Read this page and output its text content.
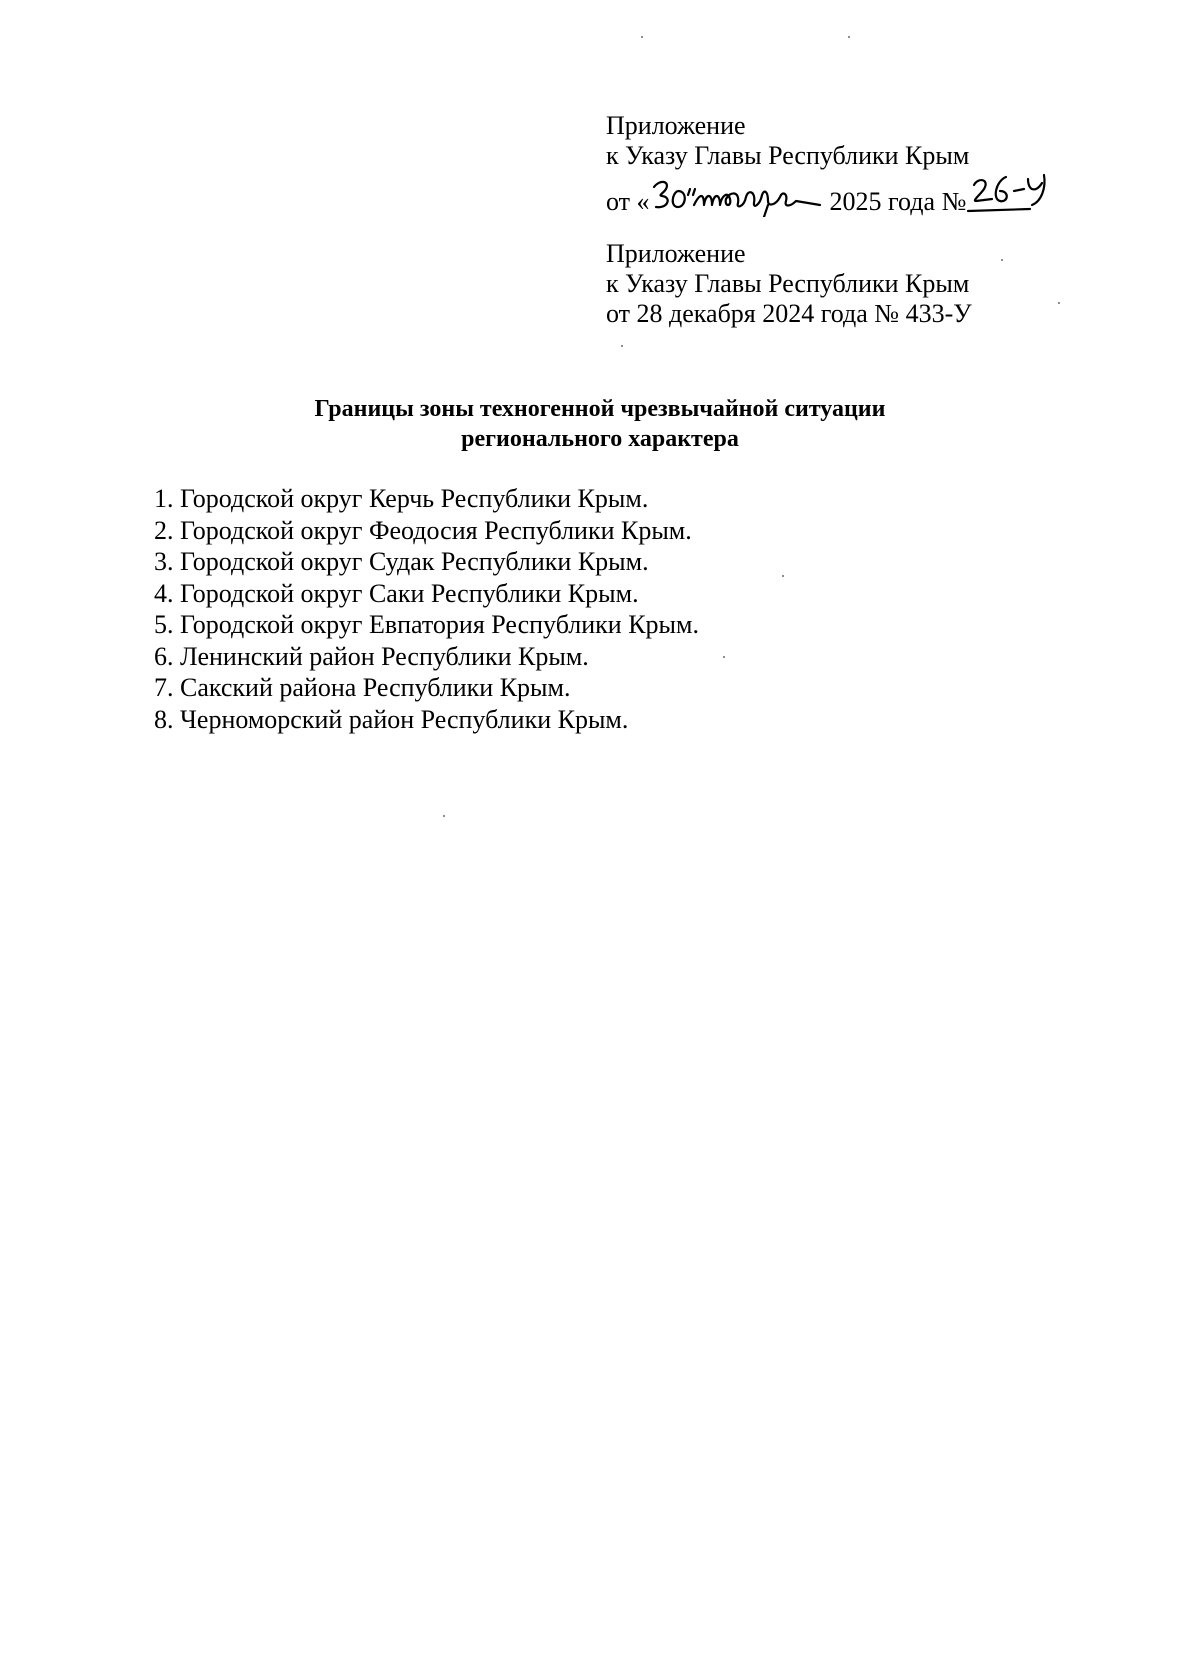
Приложение
к Указу Главы Республики Крым
от «	2025 года №
Приложение
к Указу Главы Республики Крым
от 28 декабря 2024 года № 433-У
Границы зоны техногенной чрезвычайной ситуации
регионального характера
1. Городской округ Керчь Республики Крым.
2. Городской округ Феодосия Республики Крым.
3. Городской округ Судак Республики Крым.
4. Городской округ Саки Республики Крым.
5. Городской округ Евпатория Республики Крым.
6. Ленинский район Республики Крым.
7. Сакский района Республики Крым.
8. Черноморский район Республики Крым.
